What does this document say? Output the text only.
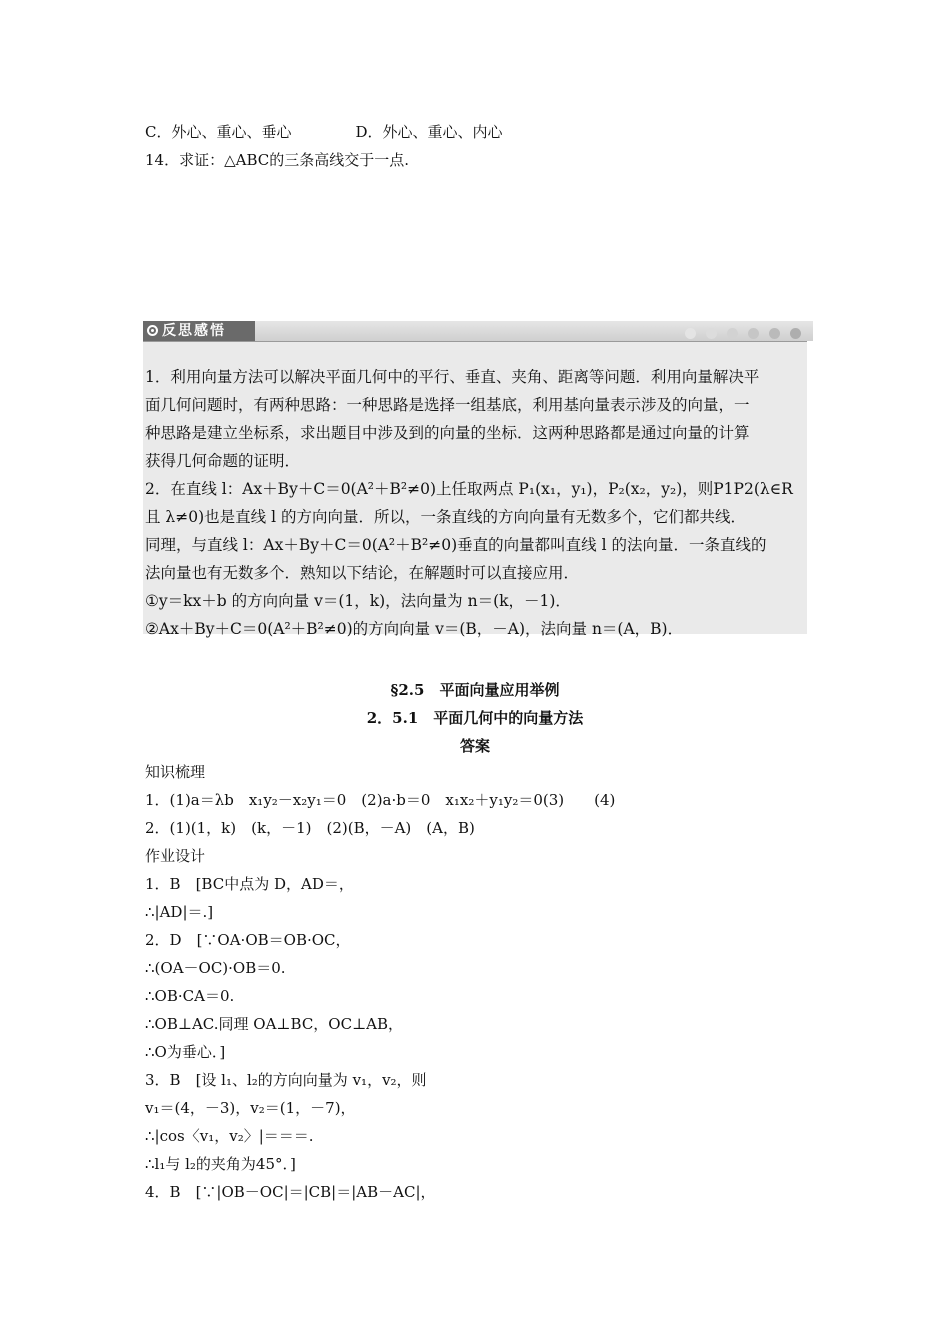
C．外心、重心、垂心	D．外心、重心、内心
14．求证：△ABC的三条高线交于一点.
反思感悟
1．利用向量方法可以解决平面几何中的平行、垂直、夹角、距离等问题．利用向量解决平
面几何问题时，有两种思路：一种思路是选择一组基底，利用基向量表示涉及的向量，一
种思路是建立坐标系，求出题目中涉及到的向量的坐标．这两种思路都是通过向量的计算
获得几何命题的证明．
2．在直线 l：Ax＋By＋C＝0(A²＋B²≠0)上任取两点 P₁(x₁，y₁)，P₂(x₂，y₂)，则P1P2(λ∈R
且 λ≠0)也是直线 l 的方向向量．所以，一条直线的方向向量有无数多个，它们都共线．
同理，与直线 l：Ax＋By＋C＝0(A²＋B²≠0)垂直的向量都叫直线 l 的法向量．一条直线的
法向量也有无数多个．熟知以下结论，在解题时可以直接应用．
①y＝kx＋b 的方向向量 v＝(1，k)，法向量为 n＝(k，－1)．
②Ax＋By＋C＝0(A²＋B²≠0)的方向向量 v＝(B，－A)，法向量 n＝(A，B)．
§2.5　平面向量应用举例
2．5.1　平面几何中的向量方法
答案
知识梳理
1．(1)a＝λb　x₁y₂－x₂y₁＝0　(2)a·b＝0　x₁x₂＋y₁y₂＝0(3)　　(4)
2．(1)(1，k)　(k，－1)　(2)(B，－A)　(A，B)
作业设计
1．B　[BC中点为 D，AD＝，
∴|AD|＝.]
2．D　[∵OA·OB＝OB·OC，
∴(OA－OC)·OB＝0.
∴OB·CA＝0.
∴OB⊥AC.同理 OA⊥BC，OC⊥AB，
∴O为垂心．]
3．B　[设 l₁、l₂的方向向量为 v₁，v₂，则
v₁＝(4，－3)，v₂＝(1，－7)，
∴|cos〈v₁，v₂〉|＝＝＝.
∴l₁与 l₂的夹角为45°．]
4．B　[∵|OB－OC|＝|CB|＝|AB－AC|，
